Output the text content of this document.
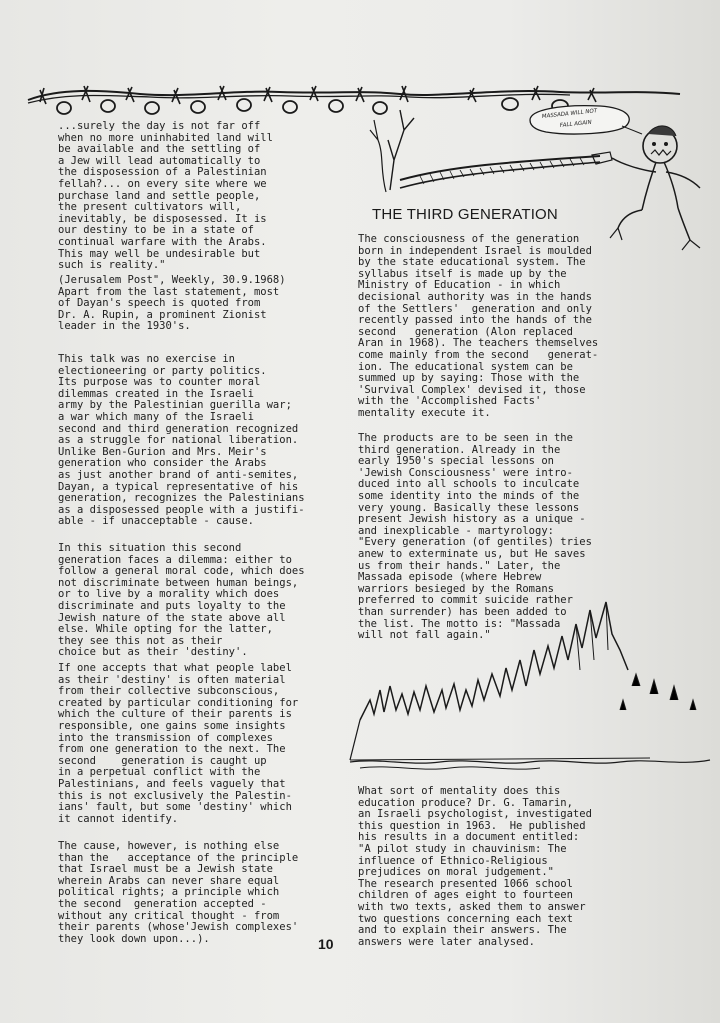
MASSADA WILL NOT
FALL AGAIN
...surely the day is not far off
when no more uninhabited land will
be available and the settling of
a Jew will lead automatically to
the disposession of a Palestinian
fellah?... on every site where we
purchase land and settle people,
the present cultivators will,
inevitably, be disposessed. It is
our destiny to be in a state of
continual warfare with the Arabs.
This may well be undesirable but
such is reality."
(Jerusalem Post", Weekly, 30.9.1968)
Apart from the last statement, most
of Dayan's speech is quoted from
Dr. A. Rupin, a prominent Zionist
leader in the 1930's.
This talk was no exercise in
electioneering or party politics.
Its purpose was to counter moral
dilemmas created in the Israeli
army by the Palestinian guerilla war;
a war which many of the Israeli
second and third generation recognized
as a struggle for national liberation.
Unlike Ben-Gurion and Mrs. Meir's
generation who consider the Arabs
as just another brand of anti-semites,
Dayan, a typical representative of his
generation, recognizes the Palestinians
as a disposessed people with a justifi-
able - if unacceptable - cause.
In this situation this second
generation faces a dilemma: either to
follow a general moral code, which does
not discriminate between human beings,
or to live by a morality which does
discriminate and puts loyalty to the
Jewish nature of the state above all
else. While opting for the latter,
they see this not as their
choice but as their 'destiny'.
If one accepts that what people label
as their 'destiny' is often material
from their collective subconscious,
created by particular conditioning for
which the culture of their parents is
responsible, one gains some insights
into the transmission of complexes
from one generation to the next. The
second    generation is caught up
in a perpetual conflict with the
Palestinians, and feels vaguely that
this is not exclusively the Palestin-
ians' fault, but some 'destiny' which
it cannot identify.
The cause, however, is nothing else
than the   acceptance of the principle
that Israel must be a Jewish state
wherein Arabs can never share equal
political rights; a principle which
the second  generation accepted -
without any critical thought - from
their parents (whose'Jewish complexes'
they look down upon...).
THE THIRD GENERATION
The consciousness of the generation
born in independent Israel is moulded
by the state educational system. The
syllabus itself is made up by the
Ministry of Education - in which
decisional authority was in the hands
of the Settlers'  generation and only
recently passed into the hands of the
second   generation (Alon replaced
Aran in 1968). The teachers themselves
come mainly from the second   generat-
ion. The educational system can be
summed up by saying: Those with the
'Survival Complex' devised it, those
with the 'Accomplished Facts'
mentality execute it.
The products are to be seen in the
third generation. Already in the
early 1950's special lessons on
'Jewish Consciousness' were intro-
duced into all schools to inculcate
some identity into the minds of the
very young. Basically these lessons
present Jewish history as a unique -
and inexplicable - martyrology:
"Every generation (of gentiles) tries
anew to exterminate us, but He saves
us from their hands." Later, the
Massada episode (where Hebrew
warriors besieged by the Romans
preferred to commit suicide rather
than surrender) has been added to
the list. The motto is: "Massada
will not fall again."
What sort of mentality does this
education produce? Dr. G. Tamarin,
an Israeli psychologist, investigated
this question in 1963.  He published
his results in a document entitled:
"A pilot study in chauvinism: The
influence of Ethnico-Religious
prejudices on moral judgement."
The research presented 1066 school
children of ages eight to fourteen
with two texts, asked them to answer
two questions concerning each text
and to explain their answers. The
answers were later analysed.
10
